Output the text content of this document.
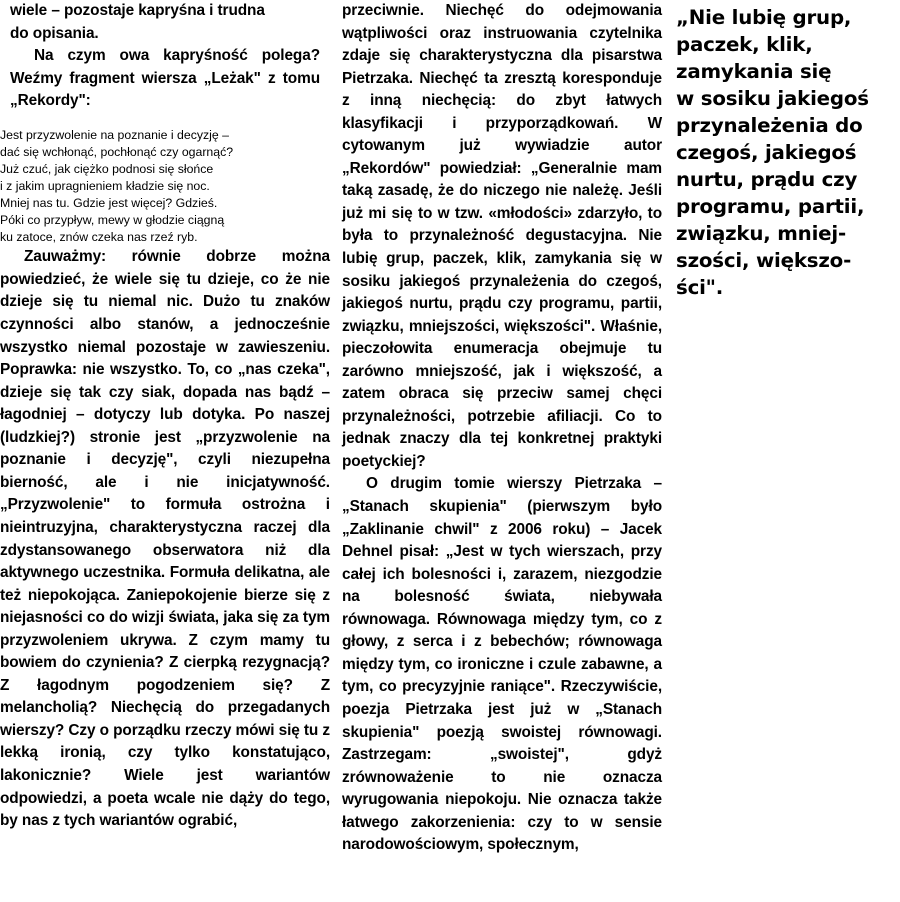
wiele – pozostaje kapryśna i trudna

do opisania.

Na czym owa kapryśność polega? Weźmy fragment wiersza „Leżak" z tomu „Rekordy":

Jest przyzwolenie na poznanie i decyzję –
dać się wchłonąć, pochłonąć czy ogarnąć?
Już czuć, jak ciężko podnosi się słońce
i z jakim upragnieniem kładzie się noc.
Mniej nas tu. Gdzie jest więcej? Gdzieś.
Póki co przypływ, mewy w głodzie ciągną
ku zatoce, znów czeka nas rzeź ryb.

Zauważmy: równie dobrze można powiedzieć, że wiele się tu dzieje, co że nie dzieje się tu niemal nic. Dużo tu znaków czynności albo stanów, a jednocześnie wszystko niemal pozostaje w zawieszeniu. Poprawka: nie wszystko. To, co „nas czeka", dzieje się tak czy siak, dopada nas bądź – łagodniej – dotyczy lub dotyka. Po naszej (ludzkiej?) stronie jest „przyzwolenie na poznanie i decyzję", czyli niezupełna bierność, ale i nie inicjatywność. „Przyzwolenie" to formuła ostrożna i nieintruzyjna, charakterystyczna raczej dla zdystansowanego obserwatora niż dla aktywnego uczestnika. Formuła delikatna, ale też niepokojąca. Zaniepokojenie bierze się z niejasności co do wizji świata, jaka się za tym przyzwoleniem ukrywa. Z czym mamy tu bowiem do czynienia? Z cierpką rezygnacją? Z łagodnym pogodzeniem się? Z melancholią? Niechęcią do przegadanych wierszy? Czy o porządku rzeczy mówi się tu z lekką ironią, czy tylko konstatująco, lakonicznie? Wiele jest wariantów odpowiedzi, a poeta wcale nie dąży do tego, by nas z tych wariantów ograbić,

przeciwnie. Niechęć do odejmowania wątpliwości oraz instruowania czytelnika zdaje się charakterystyczna dla pisarstwa Pietrzaka. Niechęć ta zresztą koresponduje z inną niechęcią: do zbyt łatwych klasyfikacji i przyporządkowań. W cytowanym już wywiadzie autor „Rekordów" powiedział: „Generalnie mam taką zasadę, że do niczego nie należę. Jeśli już mi się to w tzw. «młodości» zdarzyło, to była to przynależność degustacyjna. Nie lubię grup, paczek, klik, zamykania się w sosiku jakiegoś przynależenia do czegoś, jakiegoś nurtu, prądu czy programu, partii, związku, mniejszości, większości". Właśnie, pieczołowita enumeracja obejmuje tu zarówno mniejszość, jak i większość, a zatem obraca się przeciw samej chęci przynależności, potrzebie afiliacji. Co to jednak znaczy dla tej konkretnej praktyki poetyckiej?

O drugim tomie wierszy Pietrzaka – „Stanach skupienia" (pierwszym było „Zaklinanie chwil" z 2006 roku) – Jacek Dehnel pisał: „Jest w tych wierszach, przy całej ich bolesności i, zarazem, niezgodzie na bolesność świata, niebywała równowaga. Równowaga między tym, co z głowy, z serca i z bebechów; równowaga między tym, co ironiczne i czule zabawne, a tym, co precyzyjnie raniące". Rzeczywiście, poezja Pietrzaka jest już w „Stanach skupienia" poezją swoistej równowagi. Zastrzegam: „swoistej", gdyż zrównoważenie to nie oznacza wyrugowania niepokoju. Nie oznacza także łatwego zakorzenienia: czy to w sensie narodowościowym, społecznym,

„Nie lubię grup,
paczek, klik,
zamykania się
w sosiku jakiegoś
przynależenia do
czegoś, jakiegoś
nurtu, prądu czy
programu, partii,
związku, mniej-
szości, większo-
ści".
